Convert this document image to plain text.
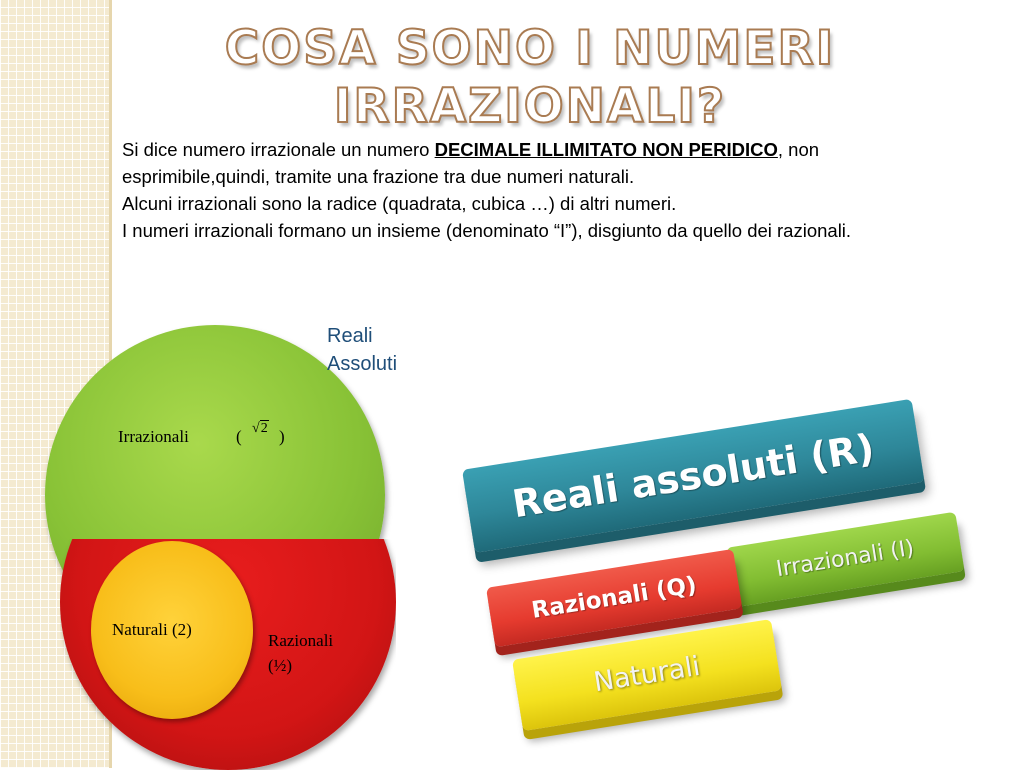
COSA SONO I NUMERI IRRAZIONALI?
Si dice numero irrazionale un numero DECIMALE ILLIMITATO NON PERIDICO, non esprimibile,quindi, tramite una frazione tra due numeri naturali.
Alcuni irrazionali sono la radice (quadrata, cubica …) di altri numeri.
I numeri irrazionali formano un insieme (denominato “I”), disgiunto da quello dei razionali.
Reali
Assoluti
Irrazionali	( √2 )
Naturali (2)
Razionali
(½)
Reali assoluti (R)
Irrazionali (I)
Razionali (Q)
Naturali
